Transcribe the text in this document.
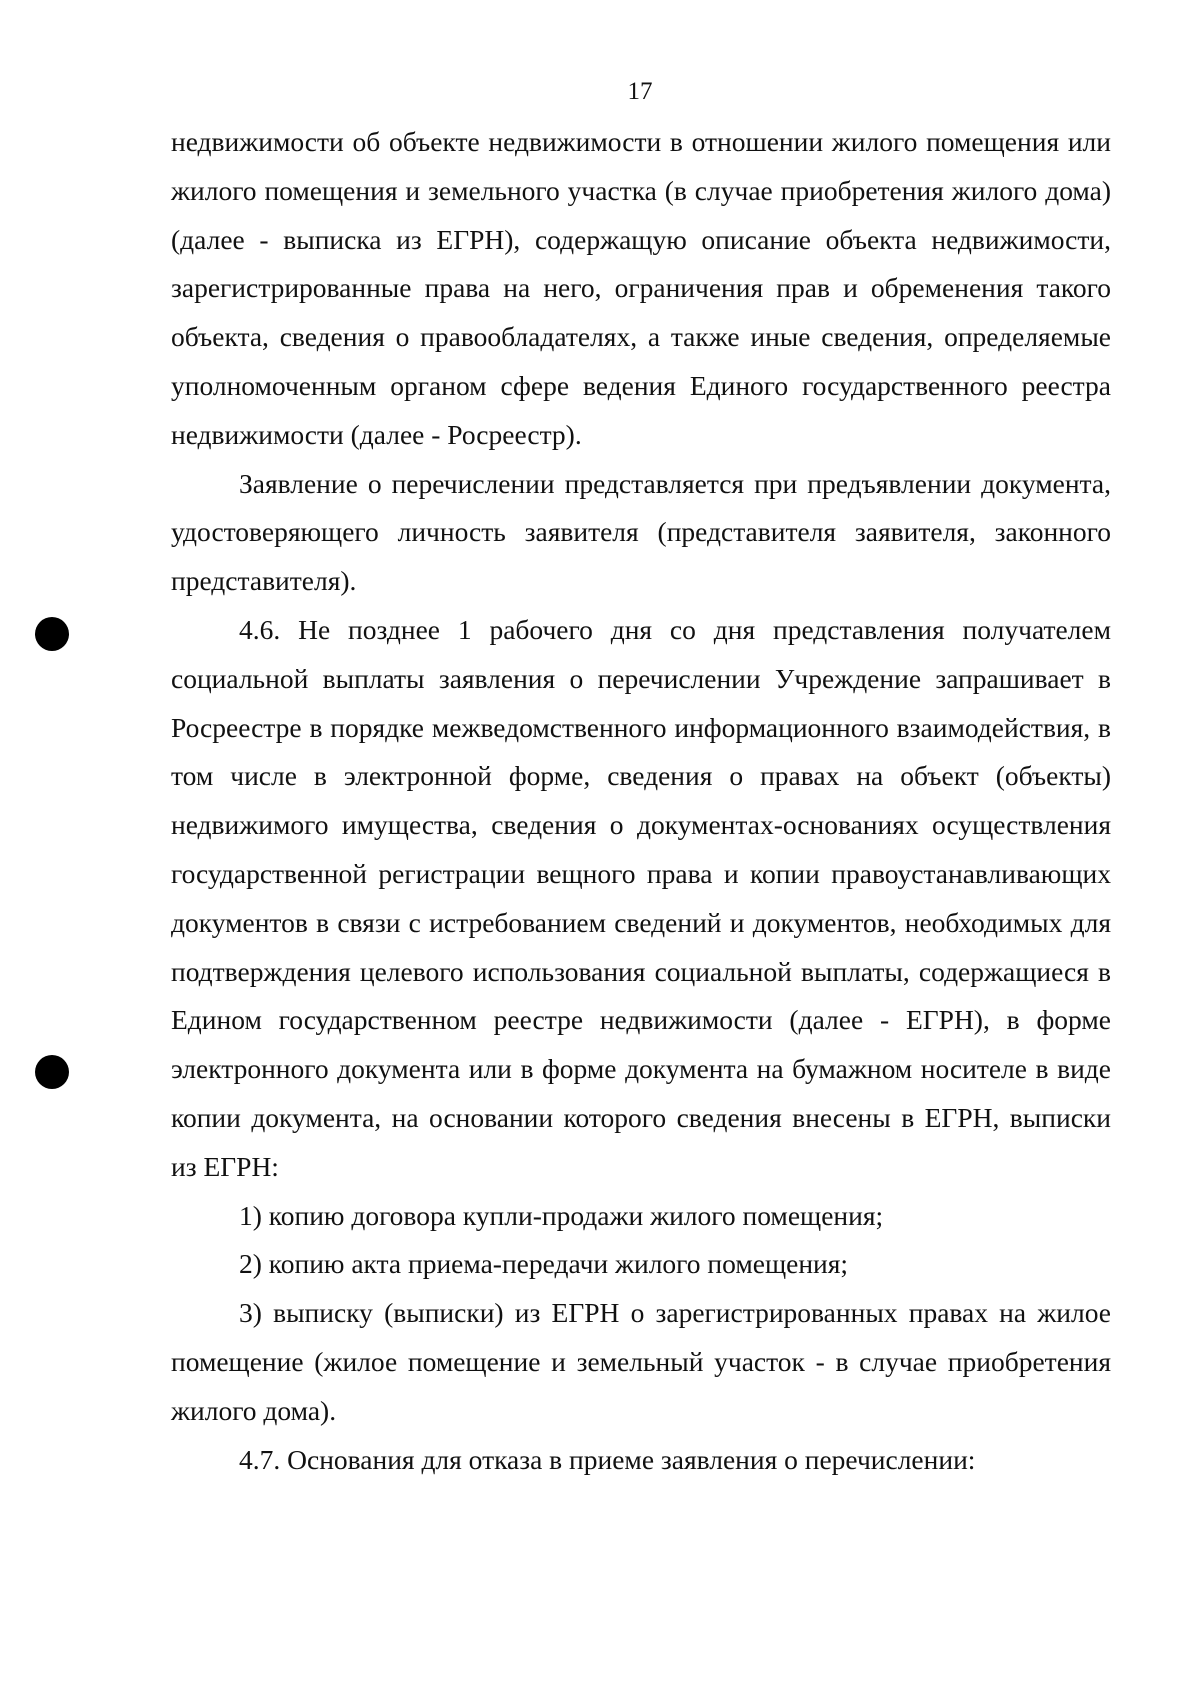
17

недвижимости об объекте недвижимости в отношении жилого помещения или жилого помещения и земельного участка (в случае приобретения жилого дома) (далее - выписка из ЕГРН), содержащую описание объекта недвижимости, зарегистрированные права на него, ограничения прав и обременения такого объекта, сведения о правообладателях, а также иные сведения, определяемые уполномоченным органом сфере ведения Единого государственного реестра недвижимости (далее - Росреестр).

Заявление о перечислении представляется при предъявлении документа, удостоверяющего личность заявителя (представителя заявителя, законного представителя).

4.6. Не позднее 1 рабочего дня со дня представления получателем социальной выплаты заявления о перечислении Учреждение запрашивает в Росреестре в порядке межведомственного информационного взаимодействия, в том числе в электронной форме, сведения о правах на объект (объекты) недвижимого имущества, сведения о документах-основаниях осуществления государственной регистрации вещного права и копии правоустанавливающих документов в связи с истребованием сведений и документов, необходимых для подтверждения целевого использования социальной выплаты, содержащиеся в Едином государственном реестре недвижимости (далее - ЕГРН), в форме электронного документа или в форме документа на бумажном носителе в виде копии документа, на основании которого сведения внесены в ЕГРН, выписки из ЕГРН:

1) копию договора купли-продажи жилого помещения;

2) копию акта приема-передачи жилого помещения;

3) выписку (выписки) из ЕГРН о зарегистрированных правах на жилое помещение (жилое помещение и земельный участок - в случае приобретения жилого дома).

4.7. Основания для отказа в приеме заявления о перечислении:
